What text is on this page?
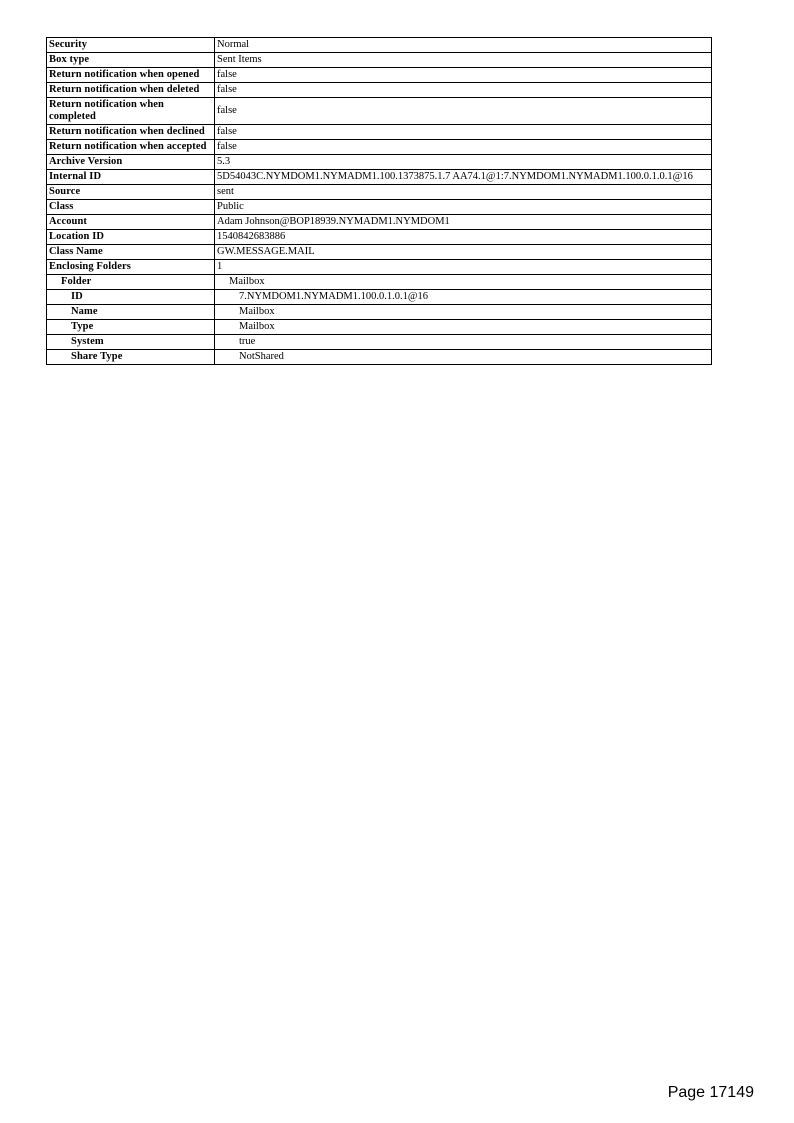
Security	Normal
Box type	Sent Items
Return notification when opened	false
Return notification when deleted	false
Return notification when completed	false
Return notification when declined	false
Return notification when accepted	false
Archive Version	5.3
Internal ID	5D54043C.NYMDOM1.NYMADM1.100.1373875.1.7 AA74.1@1:7.NYMDOM1.NYMADM1.100.0.1.0.1@16
Source	sent
Class	Public
Account	Adam Johnson@BOP18939.NYMADM1.NYMDOM1
Location ID	1540842683886
Class Name	GW.MESSAGE.MAIL
Enclosing Folders	1
Folder	Mailbox
ID	7.NYMDOM1.NYMADM1.100.0.1.0.1@16
Name	Mailbox
Type	Mailbox
System	true
Share Type	NotShared
Page 17149
